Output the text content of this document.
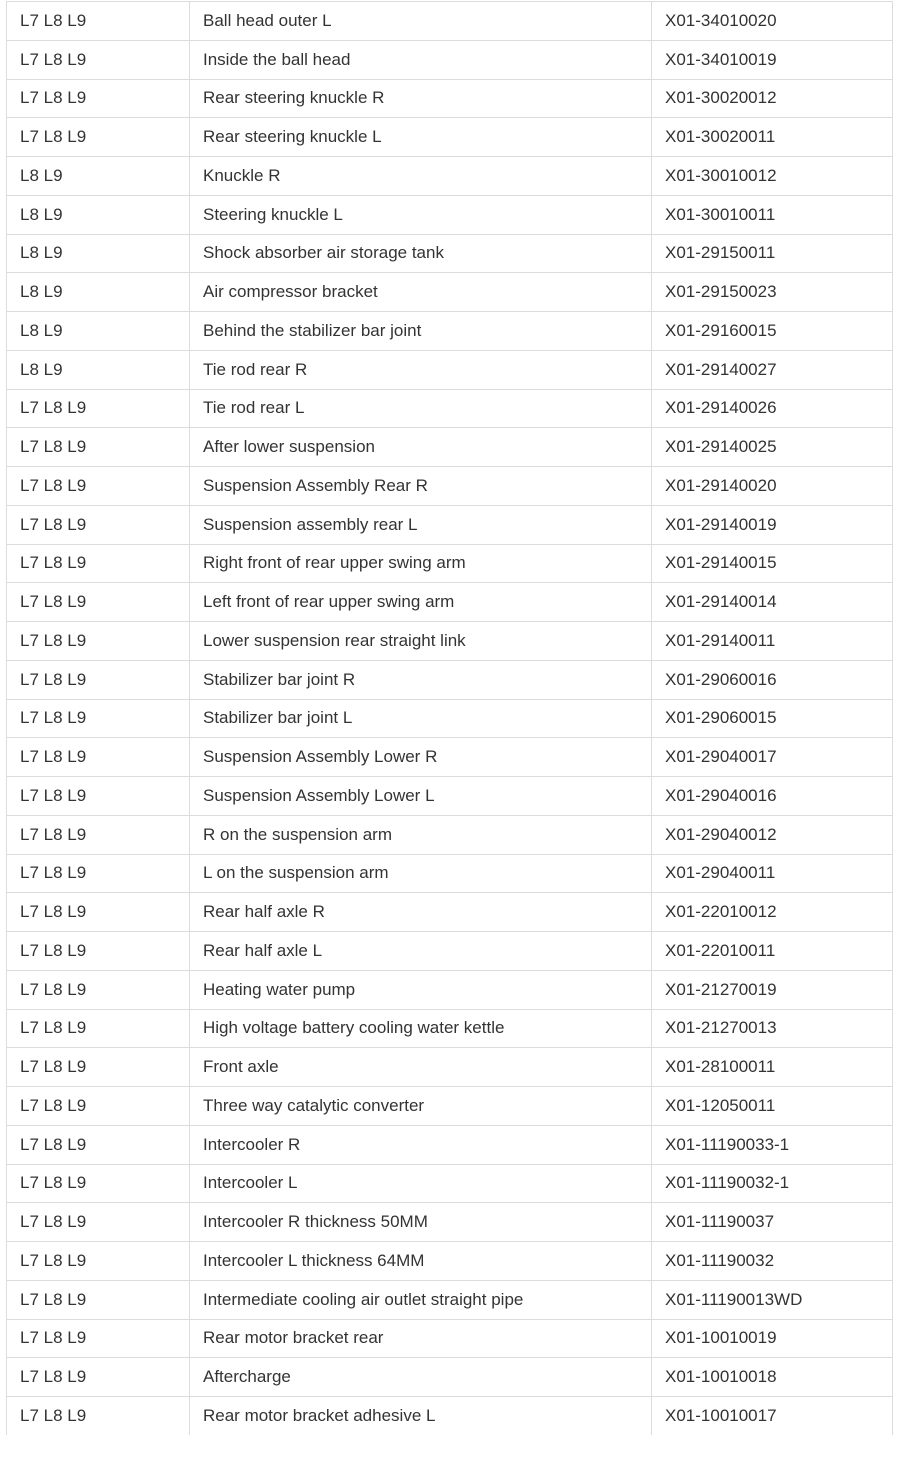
L7 L8 L9	Ball head outer L	X01-34010020
L7 L8 L9	Inside the ball head	X01-34010019
L7 L8 L9	Rear steering knuckle R	X01-30020012
L7 L8 L9	Rear steering knuckle L	X01-30020011
L8 L9	Knuckle R	X01-30010012
L8 L9	Steering knuckle L	X01-30010011
L8 L9	Shock absorber air storage tank	X01-29150011
L8 L9	Air compressor bracket	X01-29150023
L8 L9	Behind the stabilizer bar joint	X01-29160015
L8 L9	Tie rod rear R	X01-29140027
L7 L8 L9	Tie rod rear L	X01-29140026
L7 L8 L9	After lower suspension	X01-29140025
L7 L8 L9	Suspension Assembly Rear R	X01-29140020
L7 L8 L9	Suspension assembly rear L	X01-29140019
L7 L8 L9	Right front of rear upper swing arm	X01-29140015
L7 L8 L9	Left front of rear upper swing arm	X01-29140014
L7 L8 L9	Lower suspension rear straight link	X01-29140011
L7 L8 L9	Stabilizer bar joint R	X01-29060016
L7 L8 L9	Stabilizer bar joint L	X01-29060015
L7 L8 L9	Suspension Assembly Lower R	X01-29040017
L7 L8 L9	Suspension Assembly Lower L	X01-29040016
L7 L8 L9	R on the suspension arm	X01-29040012
L7 L8 L9	L on the suspension arm	X01-29040011
L7 L8 L9	Rear half axle R	X01-22010012
L7 L8 L9	Rear half axle L	X01-22010011
L7 L8 L9	Heating water pump	X01-21270019
L7 L8 L9	High voltage battery cooling water kettle	X01-21270013
L7 L8 L9	Front axle	X01-28100011
L7 L8 L9	Three way catalytic converter	X01-12050011
L7 L8 L9	Intercooler R	X01-11190033-1
L7 L8 L9	Intercooler L	X01-11190032-1
L7 L8 L9	Intercooler R thickness 50MM	X01-11190037
L7 L8 L9	Intercooler L thickness 64MM	X01-11190032
L7 L8 L9	Intermediate cooling air outlet straight pipe	X01-11190013WD
L7 L8 L9	Rear motor bracket rear	X01-10010019
L7 L8 L9	Aftercharge	X01-10010018
L7 L8 L9	Rear motor bracket adhesive L	X01-10010017
